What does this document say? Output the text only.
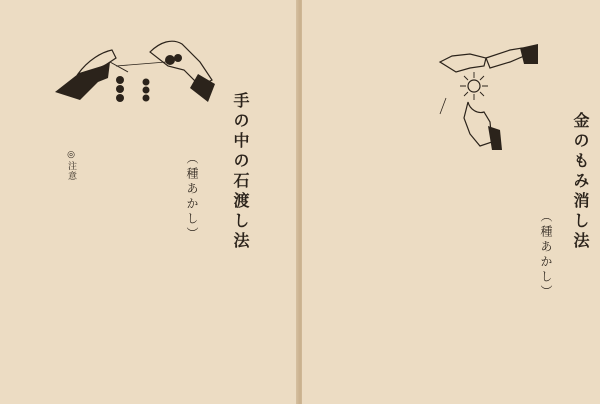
手の中の石渡し法
（種あかし）
◎注意	金のもみ消し法
（種あかし）
